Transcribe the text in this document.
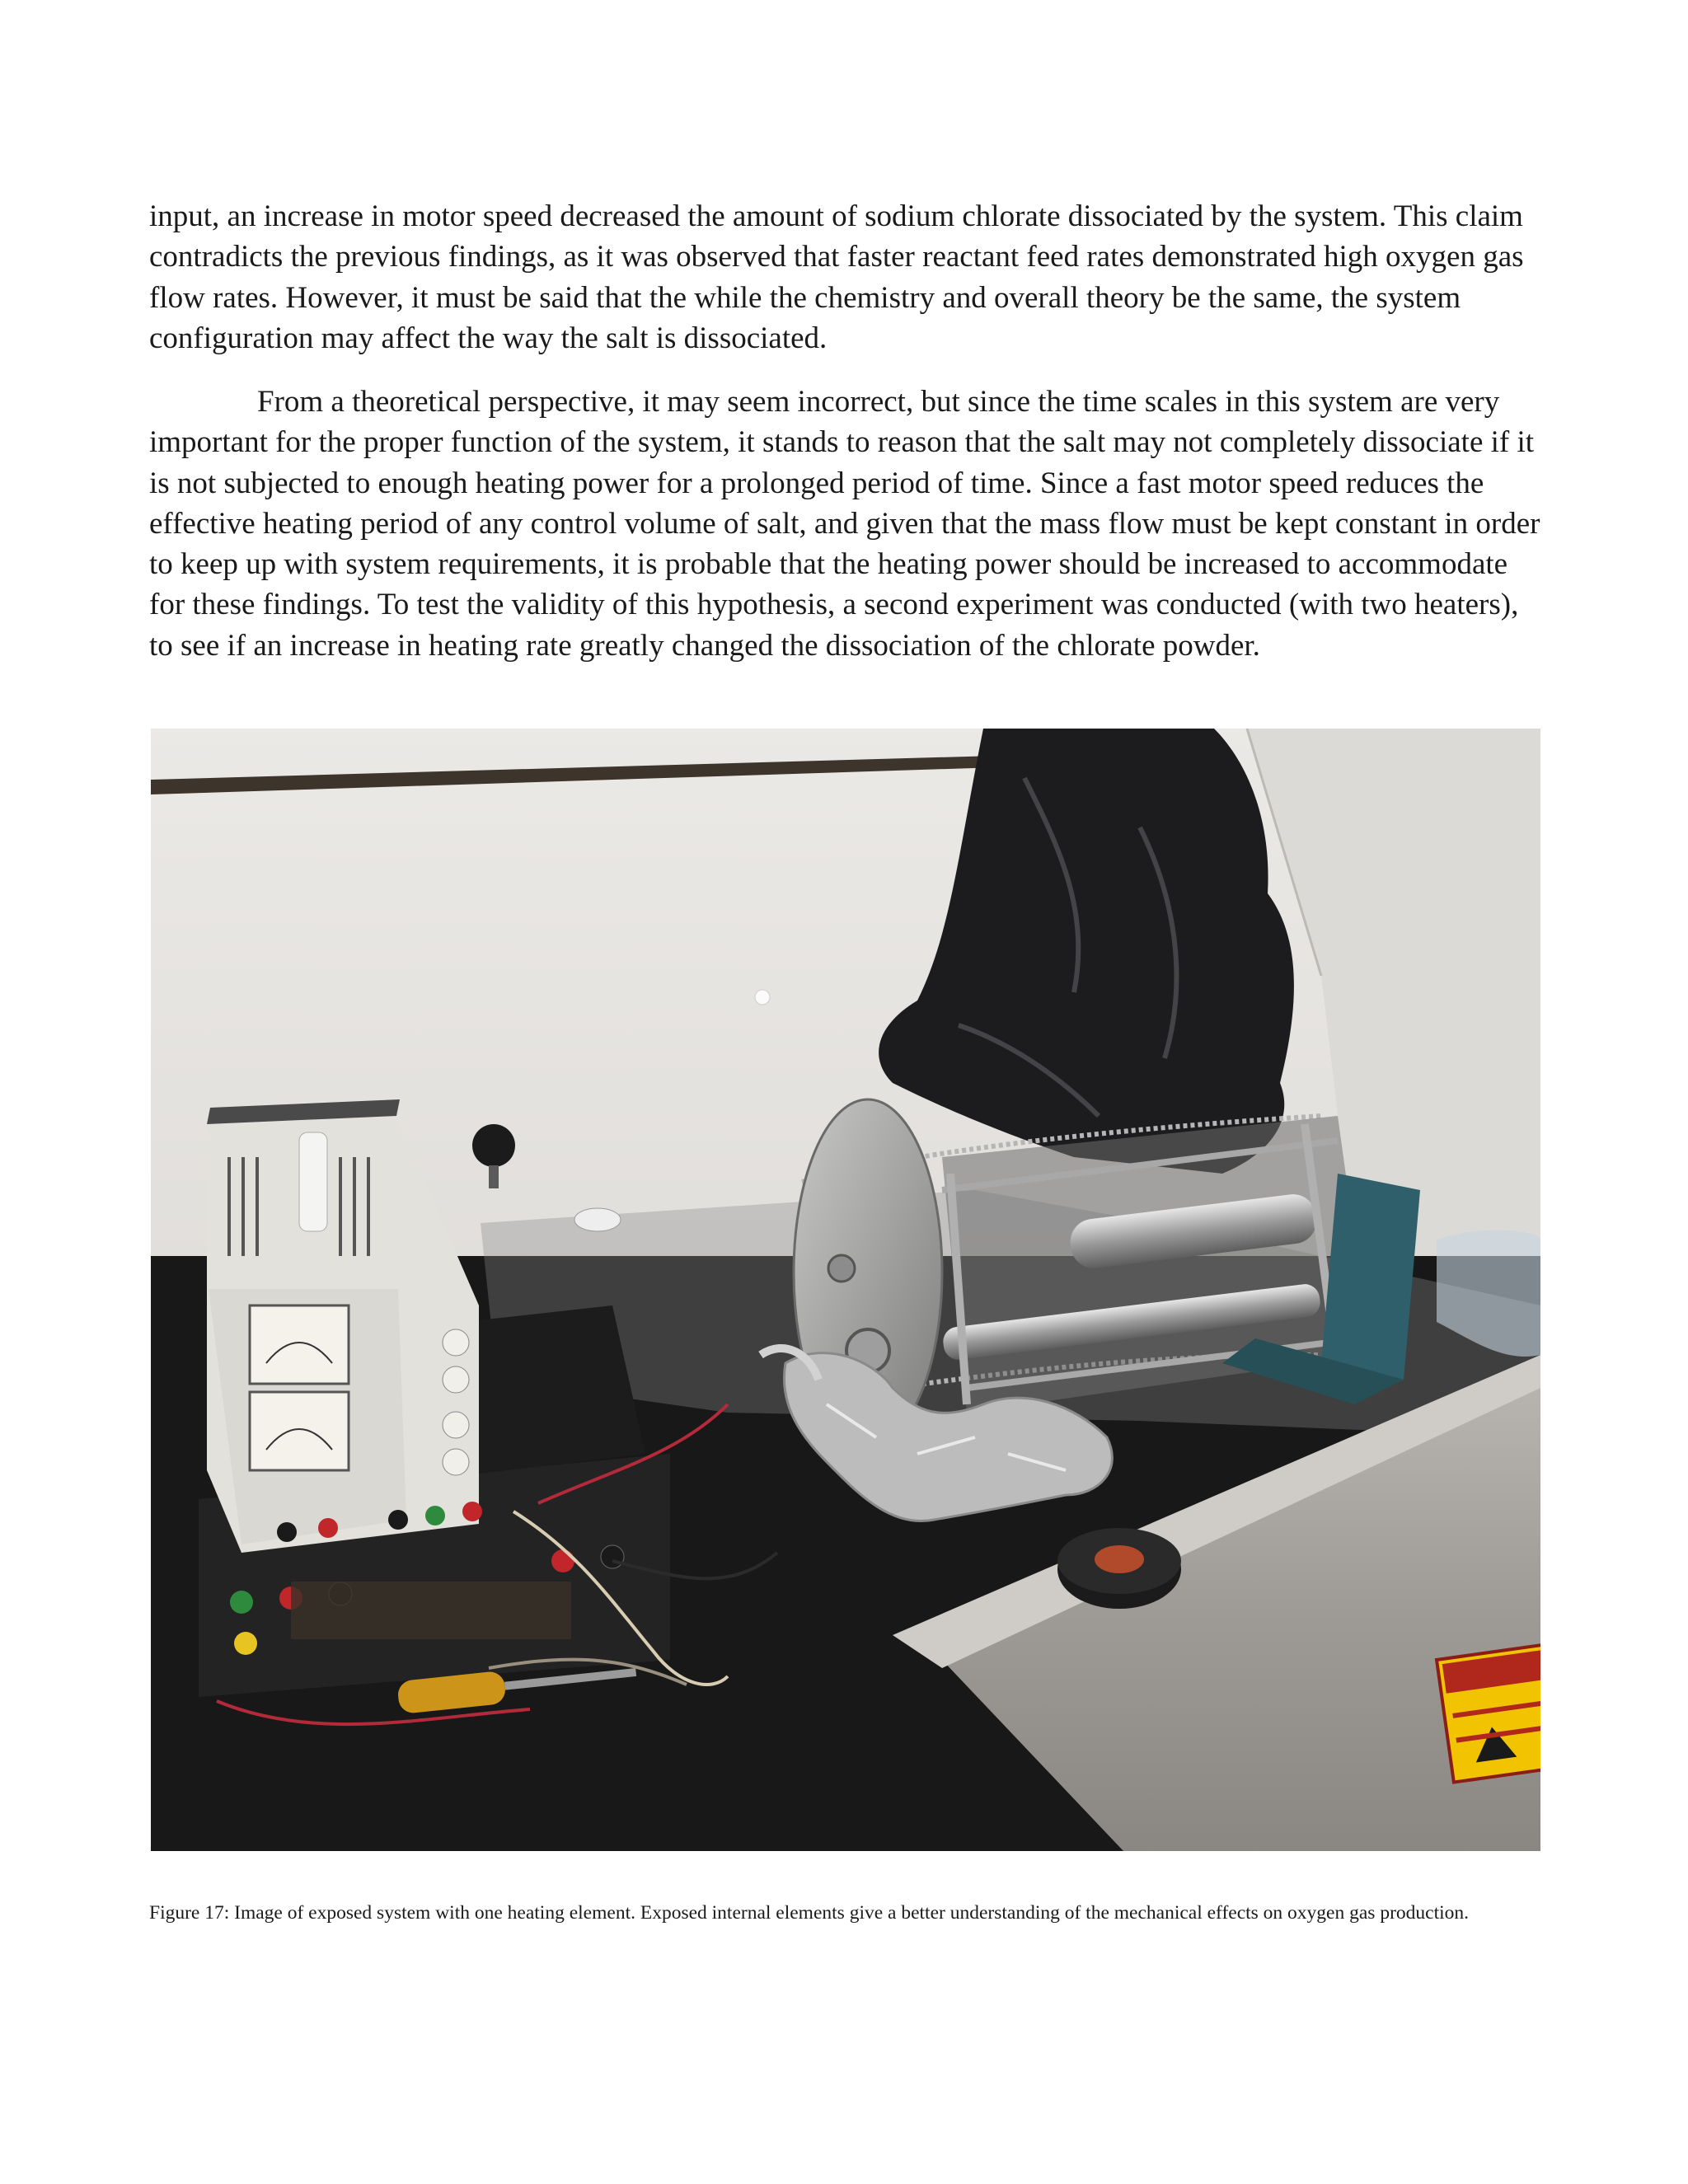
input, an increase in motor speed decreased the amount of sodium chlorate dissociated by the system. This claim contradicts the previous findings, as it was observed that faster reactant feed rates demonstrated high oxygen gas flow rates. However, it must be said that the while the chemistry and overall theory be the same, the system configuration may affect the way the salt is dissociated.

From a theoretical perspective, it may seem incorrect, but since the time scales in this system are very important for the proper function of the system, it stands to reason that the salt may not completely dissociate if it is not subjected to enough heating power for a prolonged period of time. Since a fast motor speed reduces the effective heating period of any control volume of salt, and given that the mass flow must be kept constant in order to keep up with system requirements, it is probable that the heating power should be increased to accommodate for these findings. To test the validity of this hypothesis, a second experiment was conducted (with two heaters), to see if an increase in heating rate greatly changed the dissociation of the chlorate powder.

Figure 17: Image of exposed system with one heating element. Exposed internal elements give a better understanding of the mechanical effects on oxygen gas production.
